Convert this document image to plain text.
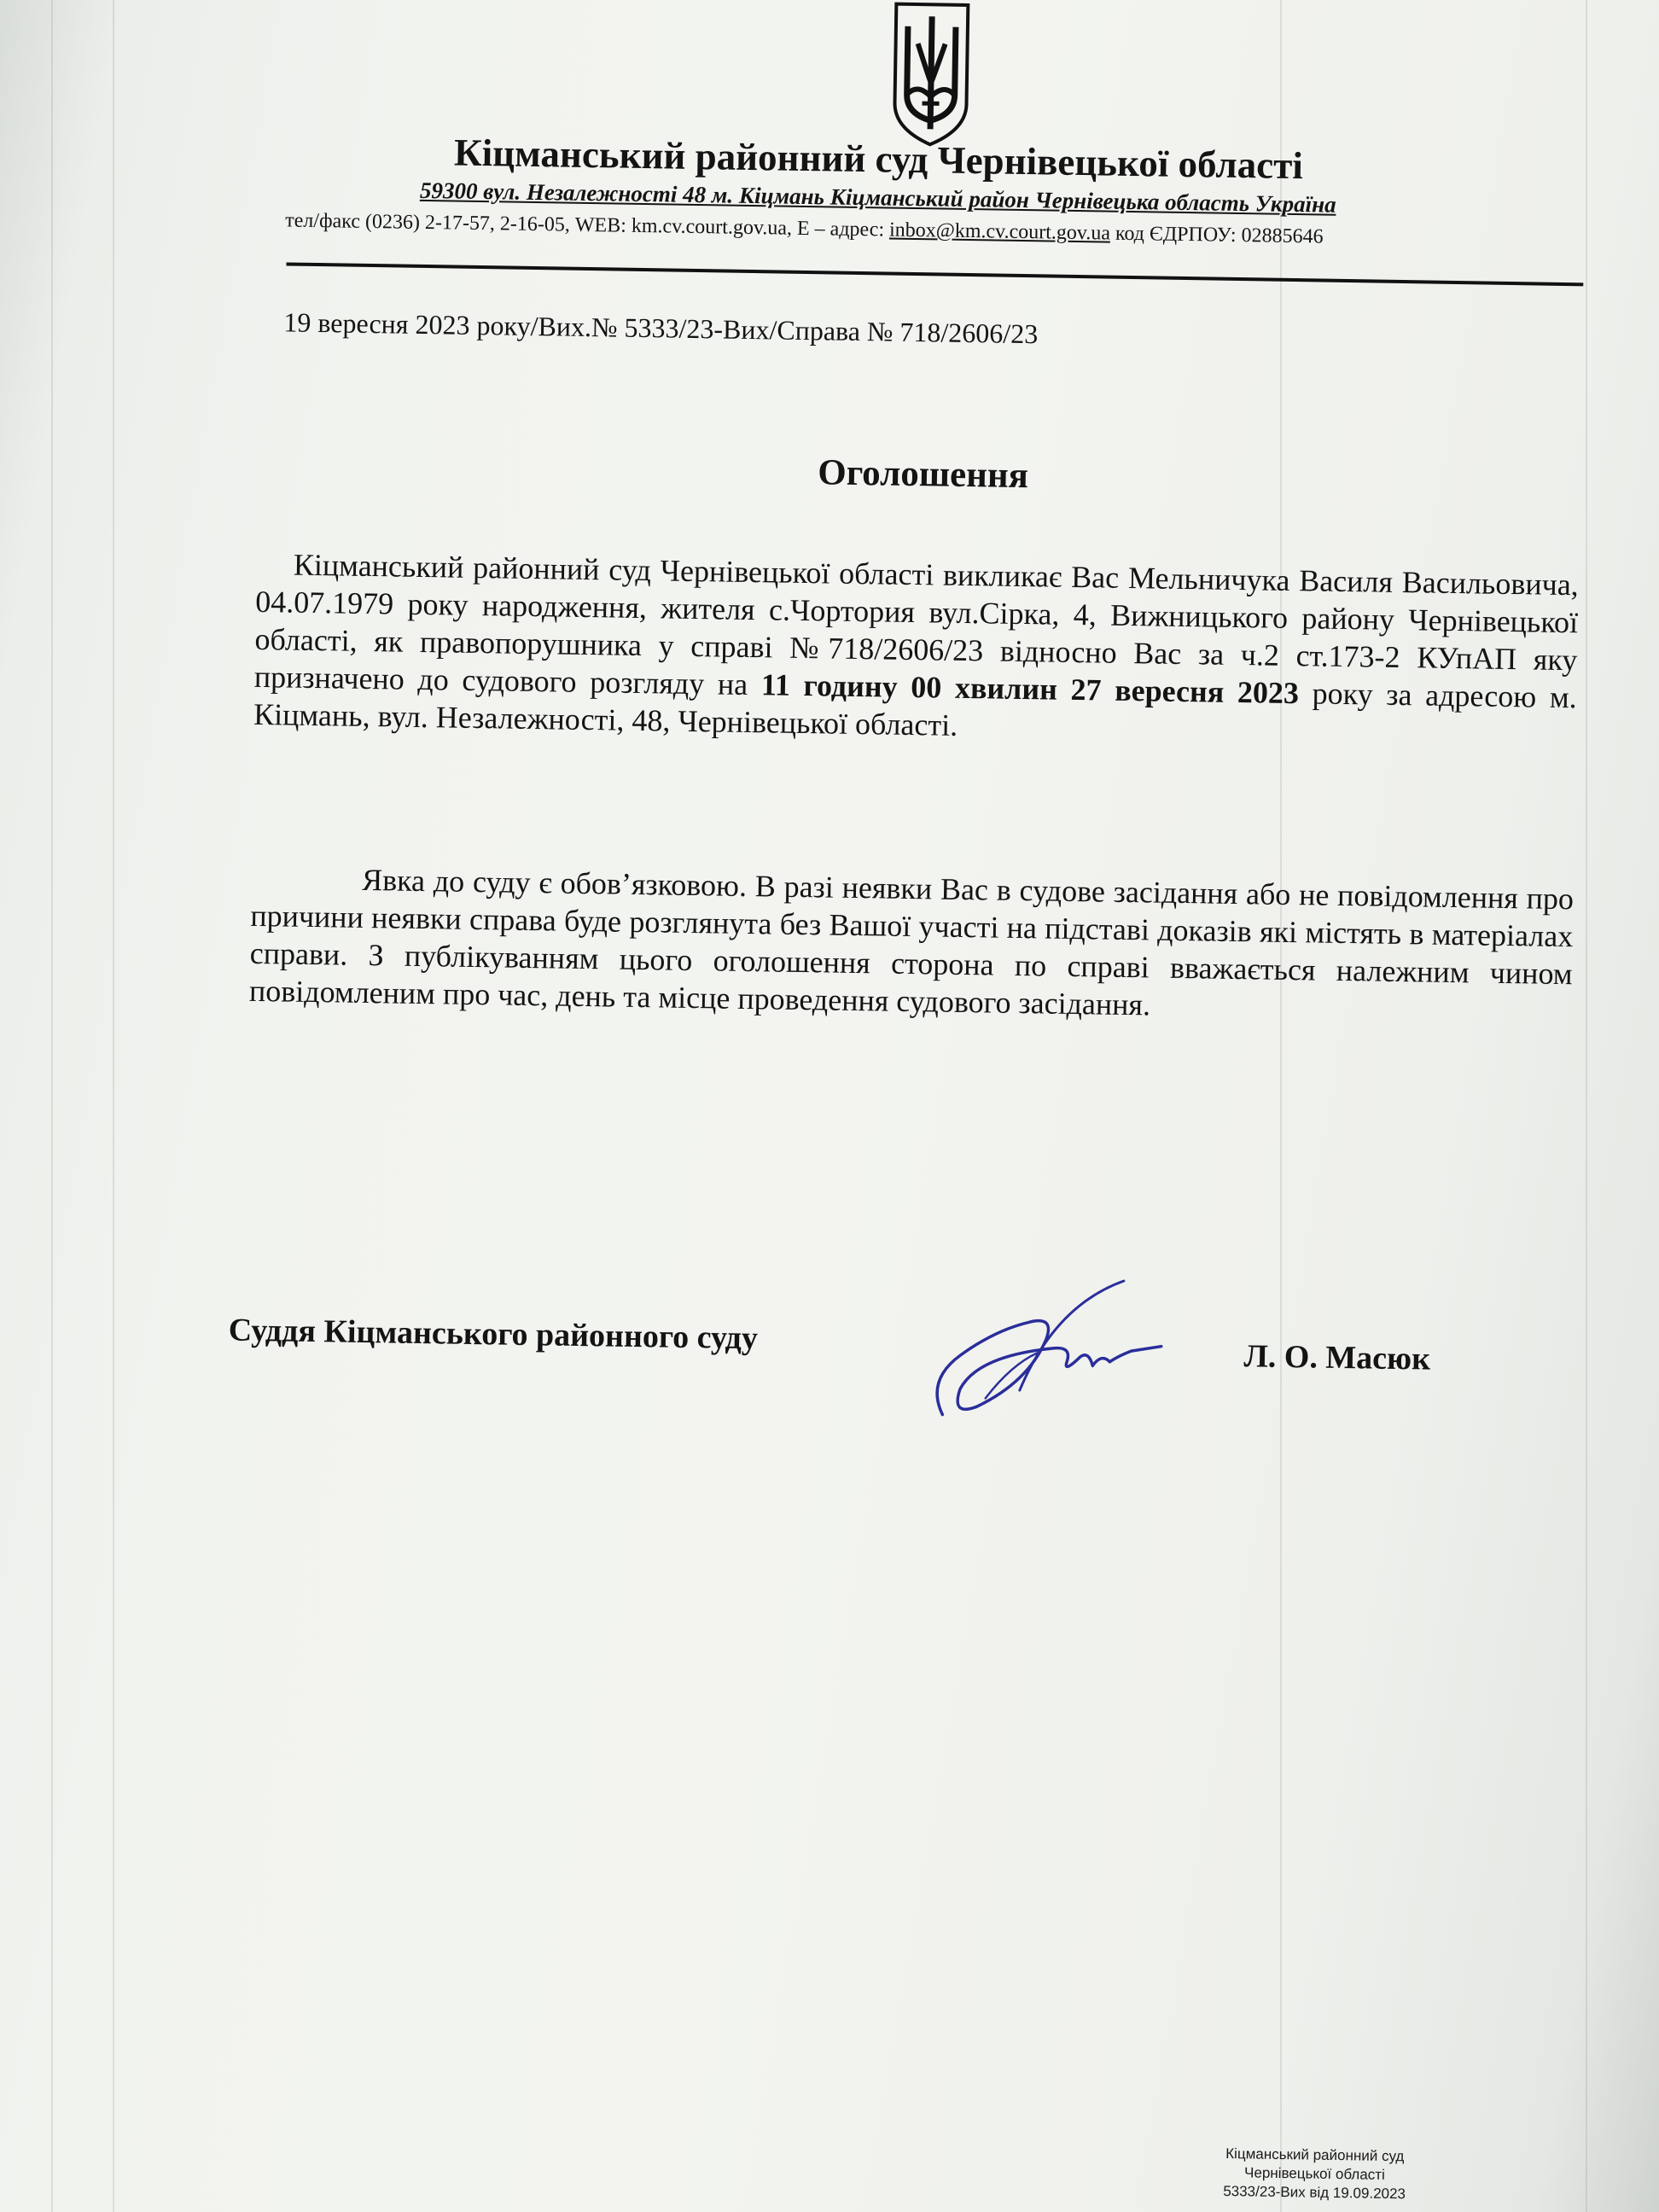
Кіцманський районний суд Чернівецької області
59300 вул. Незалежності 48 м. Кіцмань Кіцманський район Чернівецька область Україна
тел/факс (0236) 2-17-57, 2-16-05, WEB: km.cv.court.gov.ua, E – адрес: inbox@km.cv.court.gov.ua код ЄДРПОУ: 02885646
19 вересня 2023 року/Вих.№ 5333/23-Вих/Справа № 718/2606/23
Оголошення
Кіцманський районний суд Чернівецької області викликає Вас Мельничука Василя Васильовича, 04.07.1979 року народження, жителя с.Чортория вул.Сірка, 4, Вижницького району Чернівецької області, як правопорушника у справі №718/2606/23 відносно Вас за ч.2 ст.173-2 КУпАП яку призначено до судового розгляду на 11 годину 00 хвилин 27 вересня 2023 року за адресою м. Кіцмань, вул. Незалежності, 48, Чернівецької області.
Явка до суду є обов’язковою. В разі неявки Вас в судове засідання або не повідомлення про причини неявки справа буде розглянута без Вашої участі на підставі доказів які містять в матеріалах справи. З публікуванням цього оголошення сторона по справі вважається належним чином повідомленим про час, день та місце проведення судового засідання.
Суддя Кіцманського районного суду
Л. О. Масюк
Кіцманський районний суд
Чернівецької області
5333/23-Вих від 19.09.2023
